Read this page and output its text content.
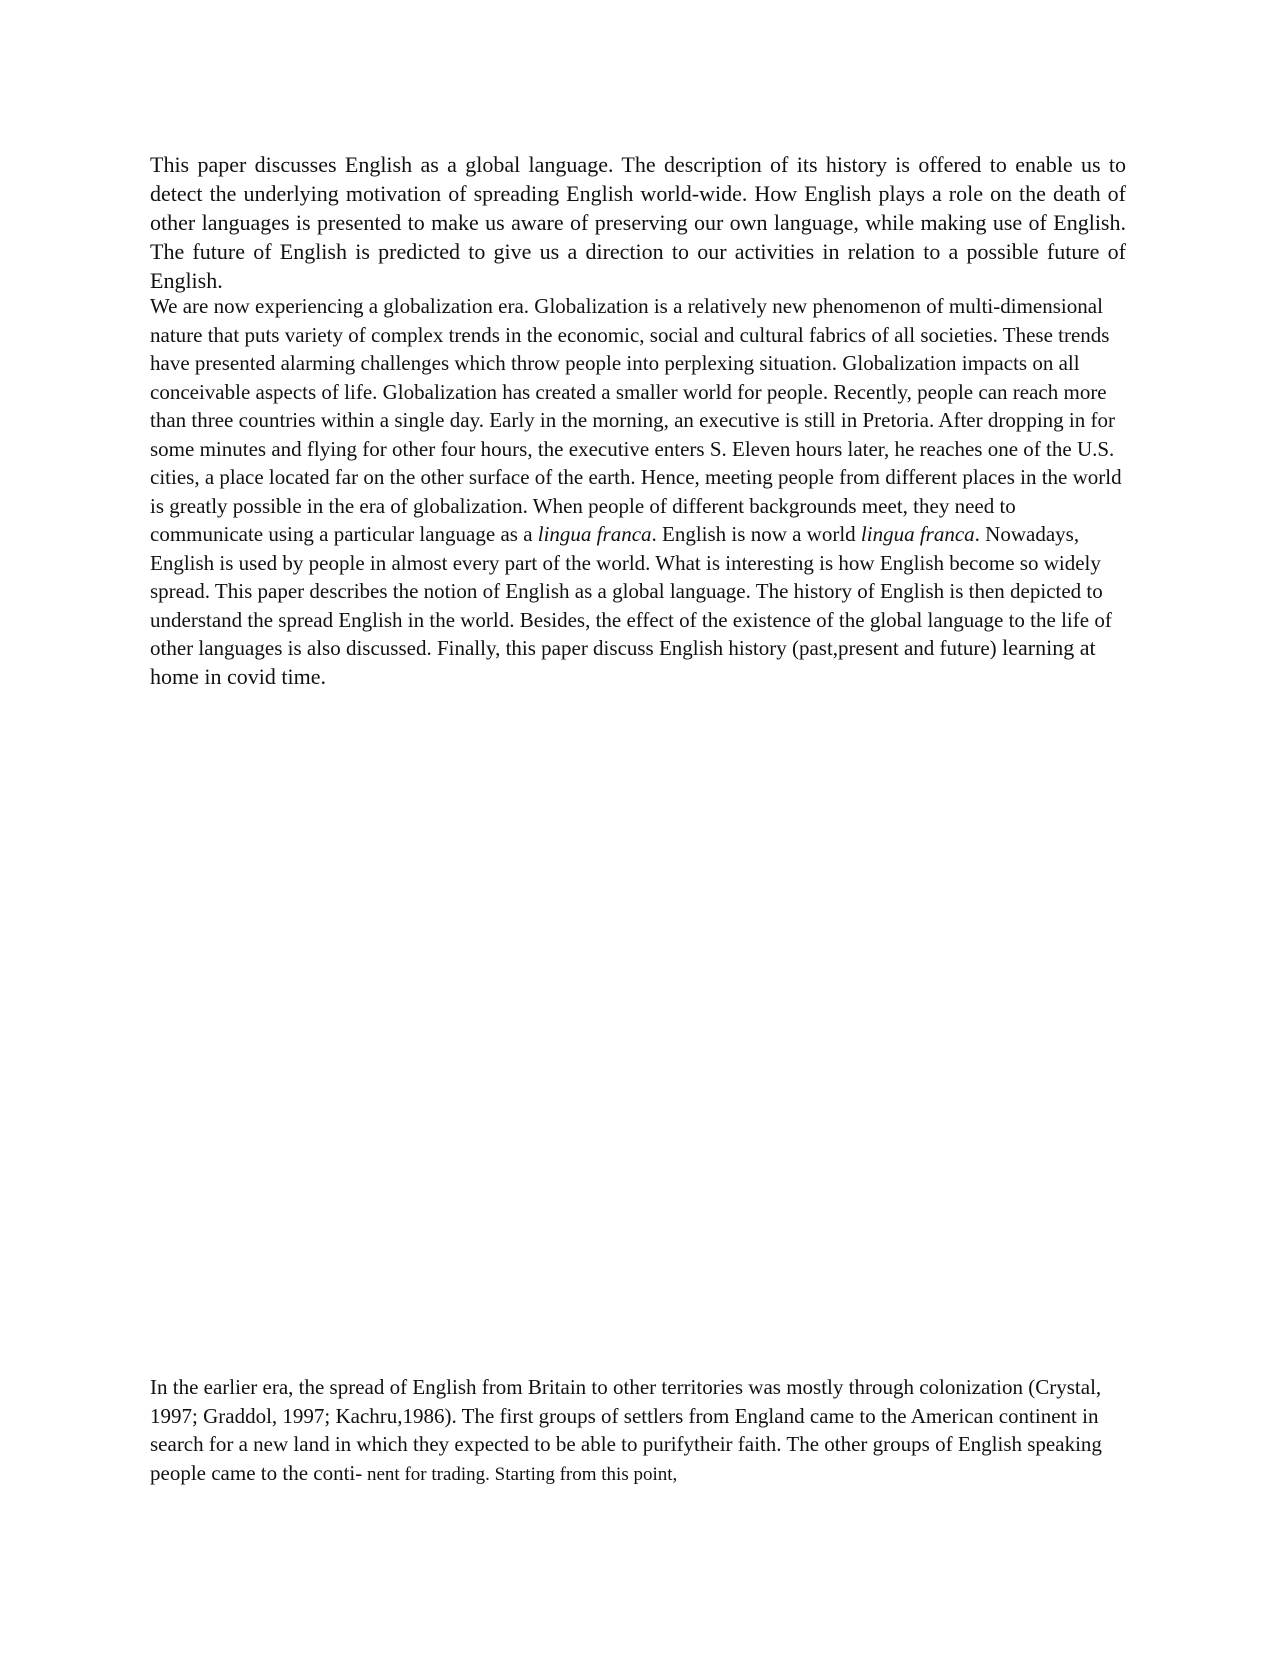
This paper discusses English as a global language. The description of its history is offered to enable us to detect the underlying motivation of spreading English world-wide. How English plays a role on the death of other languages is presented to make us aware of preserving our own language, while making use of English. The future of English is predicted to give us a direction to our activities in relation to a possible future of English.

We are now experiencing a globalization era. Globalization is a relatively new phenomenon of multi-dimensional nature that puts variety of complex trends in the economic, social and cultural fabrics of all societies. These trends have presented alarming challenges which throw people into perplexing situation. Globalization impacts on all conceivable aspects of life. Globalization has created a smaller world for people. Recently, people can reach more than three countries within a single day. Early in the morning, an executive is still in Pretoria. After dropping in for some minutes and flying for other four hours, the executive enters S. Eleven hours later, he reaches one of the U.S. cities, a place located far on the other surface of the earth. Hence, meeting people from different places in the world is greatly possible in the era of globalization. When people of different backgrounds meet, they need to communicate using a particular language as a lingua franca. English is now a world lingua franca. Nowadays, English is used by people in almost every part of the world. What is interesting is how English become so widely spread. This paper describes the notion of English as a global language. The history of English is then depicted to understand the spread English in the world. Besides, the effect of the existence of the global language to the life of other languages is also discussed. Finally, this paper discuss English history (past,present and future) learning at home in covid time.

In the earlier era, the spread of English from Britain to other territories was mostly through colonization (Crystal, 1997; Graddol, 1997; Kachru,1986). The first groups of settlers from England came to the American continent in search for a new land in which they expected to be able to purifytheir faith. The other groups of English speaking people came to the conti- nent for trading. Starting from this point,
